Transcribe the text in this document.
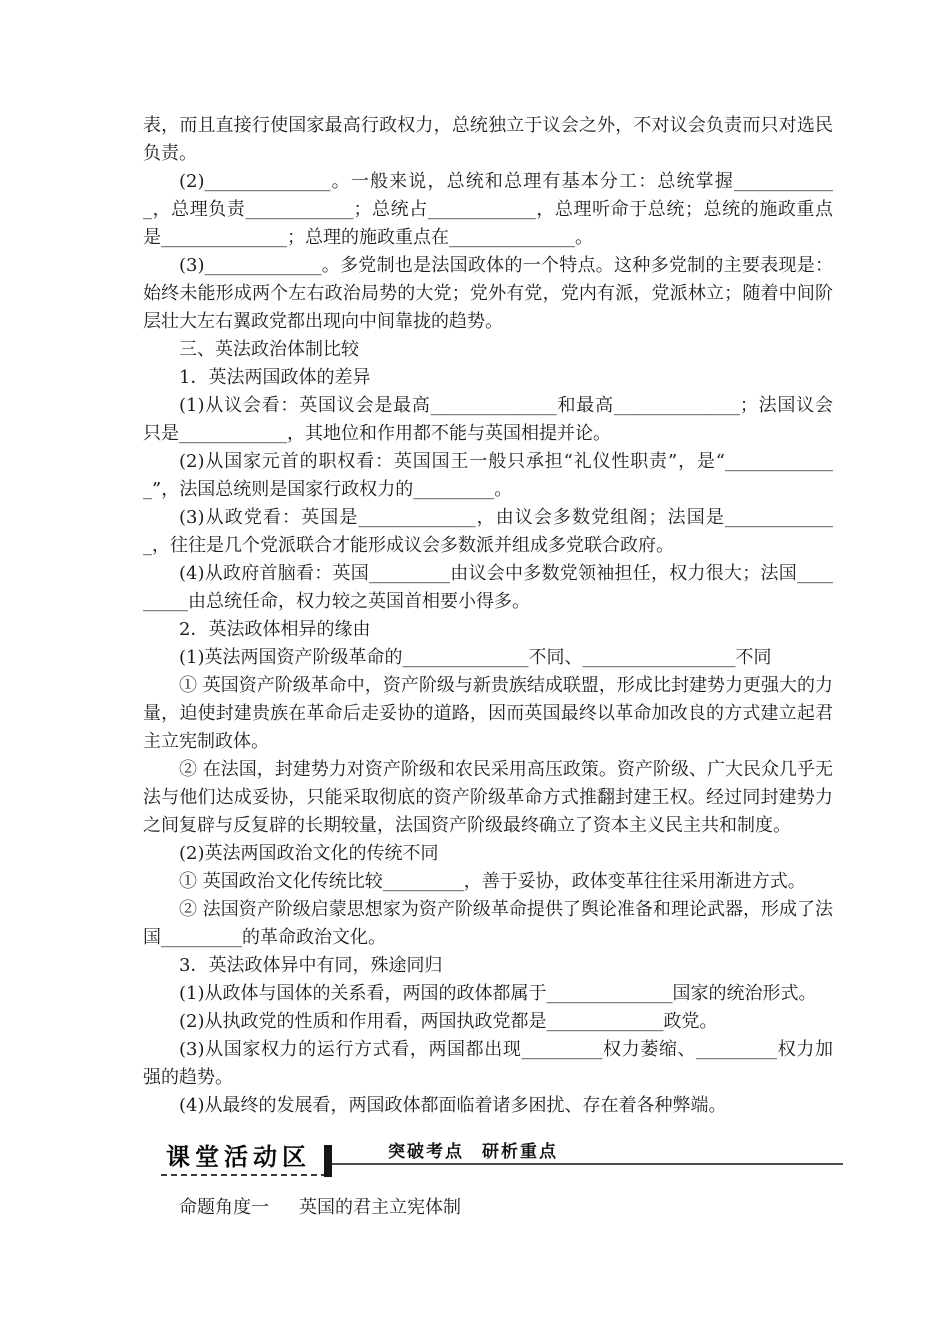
表，而且直接行使国家最高行政权力，总统独立于议会之外，不对议会负责而只对选民负责。

(2)______________。一般来说，总统和总理有基本分工：总统掌握____________，总理负责____________；总统占____________，总理听命于总统；总统的施政重点是______________；总理的施政重点在______________。

(3)_____________。多党制也是法国政体的一个特点。这种多党制的主要表现是：始终未能形成两个左右政治局势的大党；党外有党，党内有派，党派林立；随着中间阶层壮大左右翼政党都出现向中间靠拢的趋势。

三、英法政治体制比较

1．英法两国政体的差异

(1)从议会看：英国议会是最高______________和最高______________；法国议会只是____________，其地位和作用都不能与英国相提并论。

(2)从国家元首的职权看：英国国王一般只承担“礼仪性职责”，是“_____________”，法国总统则是国家行政权力的_________。

(3)从政党看：英国是_____________，由议会多数党组阁；法国是_____________，往往是几个党派联合才能形成议会多数派并组成多党联合政府。

(4)从政府首脑看：英国_________由议会中多数党领袖担任，权力很大；法国_________由总统任命，权力较之英国首相要小得多。

2．英法政体相异的缘由

(1)英法两国资产阶级革命的______________不同、_________________不同

① 英国资产阶级革命中，资产阶级与新贵族结成联盟，形成比封建势力更强大的力量，迫使封建贵族在革命后走妥协的道路，因而英国最终以革命加改良的方式建立起君主立宪制政体。

② 在法国，封建势力对资产阶级和农民采用高压政策。资产阶级、广大民众几乎无法与他们达成妥协，只能采取彻底的资产阶级革命方式推翻封建王权。经过同封建势力之间复辟与反复辟的长期较量，法国资产阶级最终确立了资本主义民主共和制度。

(2)英法两国政治文化的传统不同

① 英国政治文化传统比较_________，善于妥协，政体变革往往采用渐进方式。

② 法国资产阶级启蒙思想家为资产阶级革命提供了舆论准备和理论武器，形成了法国_________的革命政治文化。

3．英法政体异中有同，殊途同归

(1)从政体与国体的关系看，两国的政体都属于______________国家的统治形式。

(2)从执政党的性质和作用看，两国执政党都是_____________政党。

(3)从国家权力的运行方式看，两国都出现_________权力萎缩、_________权力加强的趋势。

(4)从最终的发展看，两国政体都面临着诸多困扰、存在着各种弊端。

课堂活动区	突破考点 研析重点
命题角度一 英国的君主立宪体制
